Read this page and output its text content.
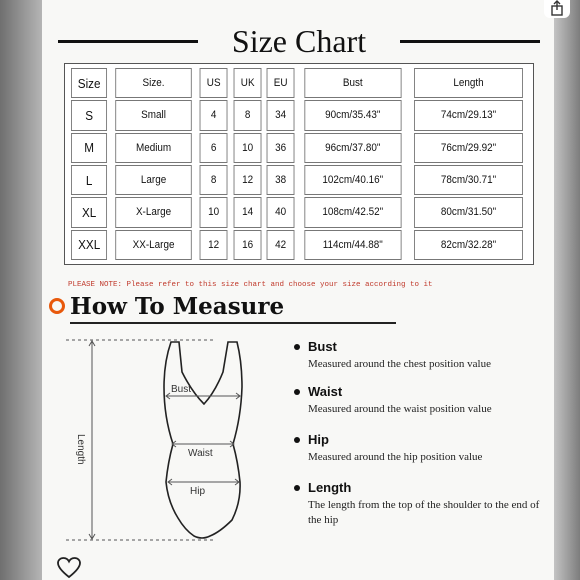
Size Chart
Size	Size.	US	UK	EU	Bust	Length
S	Small	4	8	34	90cm/35.43"	74cm/29.13"
M	Medium	6	10	36	96cm/37.80"	76cm/29.92"
L	Large	8	12	38	102cm/40.16"	78cm/30.71"
XL	X-Large	10	14	40	108cm/42.52"	80cm/31.50"
XXL	XX-Large	12	16	42	114cm/44.88"	82cm/32.28"
PLEASE NOTE: Please refer to this size chart and choose your size according to it
How To Measure
Length
Bust
Waist
Hip
Bust
Measured around the chest position value
Waist
Measured around the waist position value
Hip
Measured around the hip position value
Length
The length from the top of the shoulder to the end of the hip
